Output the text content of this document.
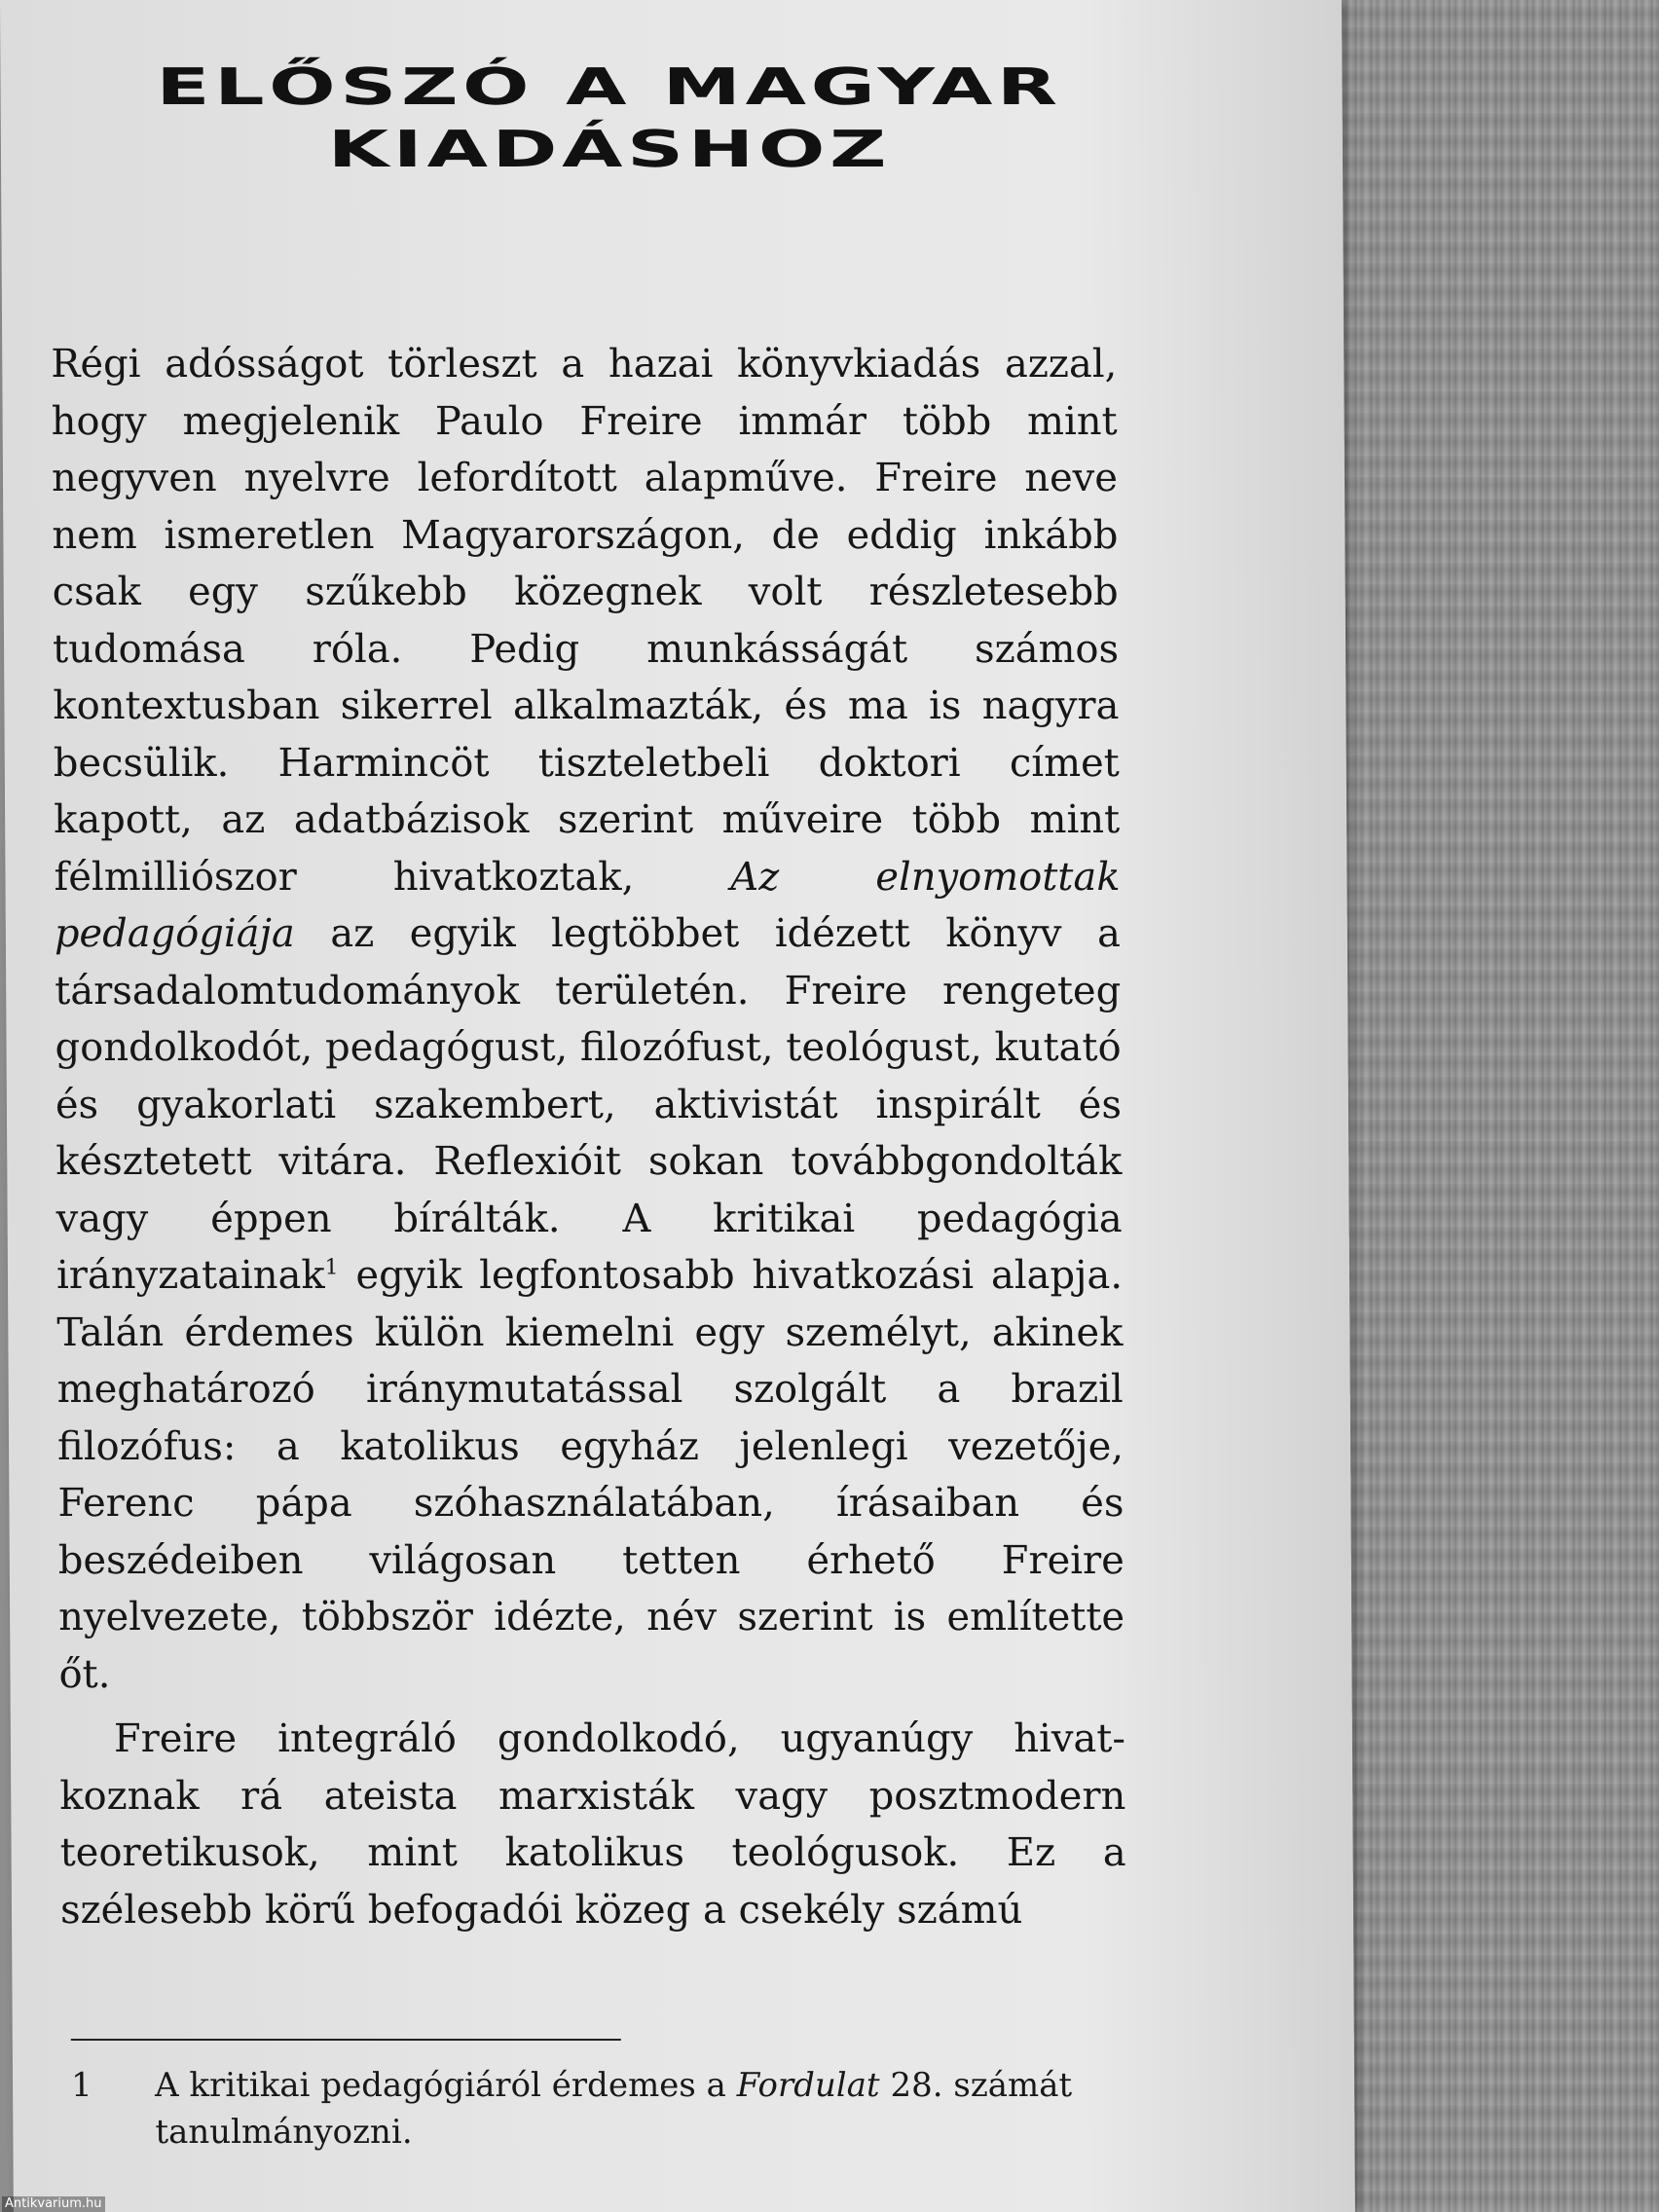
ELŐSZÓ A MAGYAR
KIADÁSHOZ

Régi adósságot törleszt a hazai könyvkiadás azzal, hogy megjelenik Paulo Freire immár több mint negyven nyelvre lefordított alapműve. Freire neve nem ismeretlen Magyarországon, de eddig inkább csak egy szűkebb közegnek volt részletesebb tudomása róla. Pedig munkásságát számos kontextusban sikerrel alkalmazták, és ma is nagyra becsülik. Harmincöt tiszteletbeli doktori címet kapott, az adatbázisok szerint műveire több mint félmilliószor hivatkoztak, Az elnyomottak pedagógiája az egyik legtöbbet idézett könyv a társadalomtudományok területén. Freire rengeteg gondolkodót, pedagógust, filozófust, teológust, kutató és gyakorlati szakembert, aktivistát inspirált és késztetett vitára. Reflexióit sokan továbbgondolták vagy éppen bírálták. A kritikai pedagógia irányzatainak$^1$ egyik legfontosabb hivatkozási alapja. Talán érdemes külön kiemelni egy személyt, akinek meghatározó iránymutatással szolgált a brazil filozófus: a katolikus egyház jelenlegi vezetője, Ferenc pápa szóhasználatában, írásaiban és beszédeiben világosan tetten érhető Freire nyelvezete, többször idézte, név szerint is említette őt.

Freire integráló gondolkodó, ugyanúgy hivatkoznak rá ateista marxisták vagy posztmodern teoretikusok, mint katolikus teológusok. Ez a szélesebb körű befogadói közeg a csekély számú

1 A kritikai pedagógiáról érdemes a Fordulat 28. számát tanulmányozni.
Antikvarium.hu
